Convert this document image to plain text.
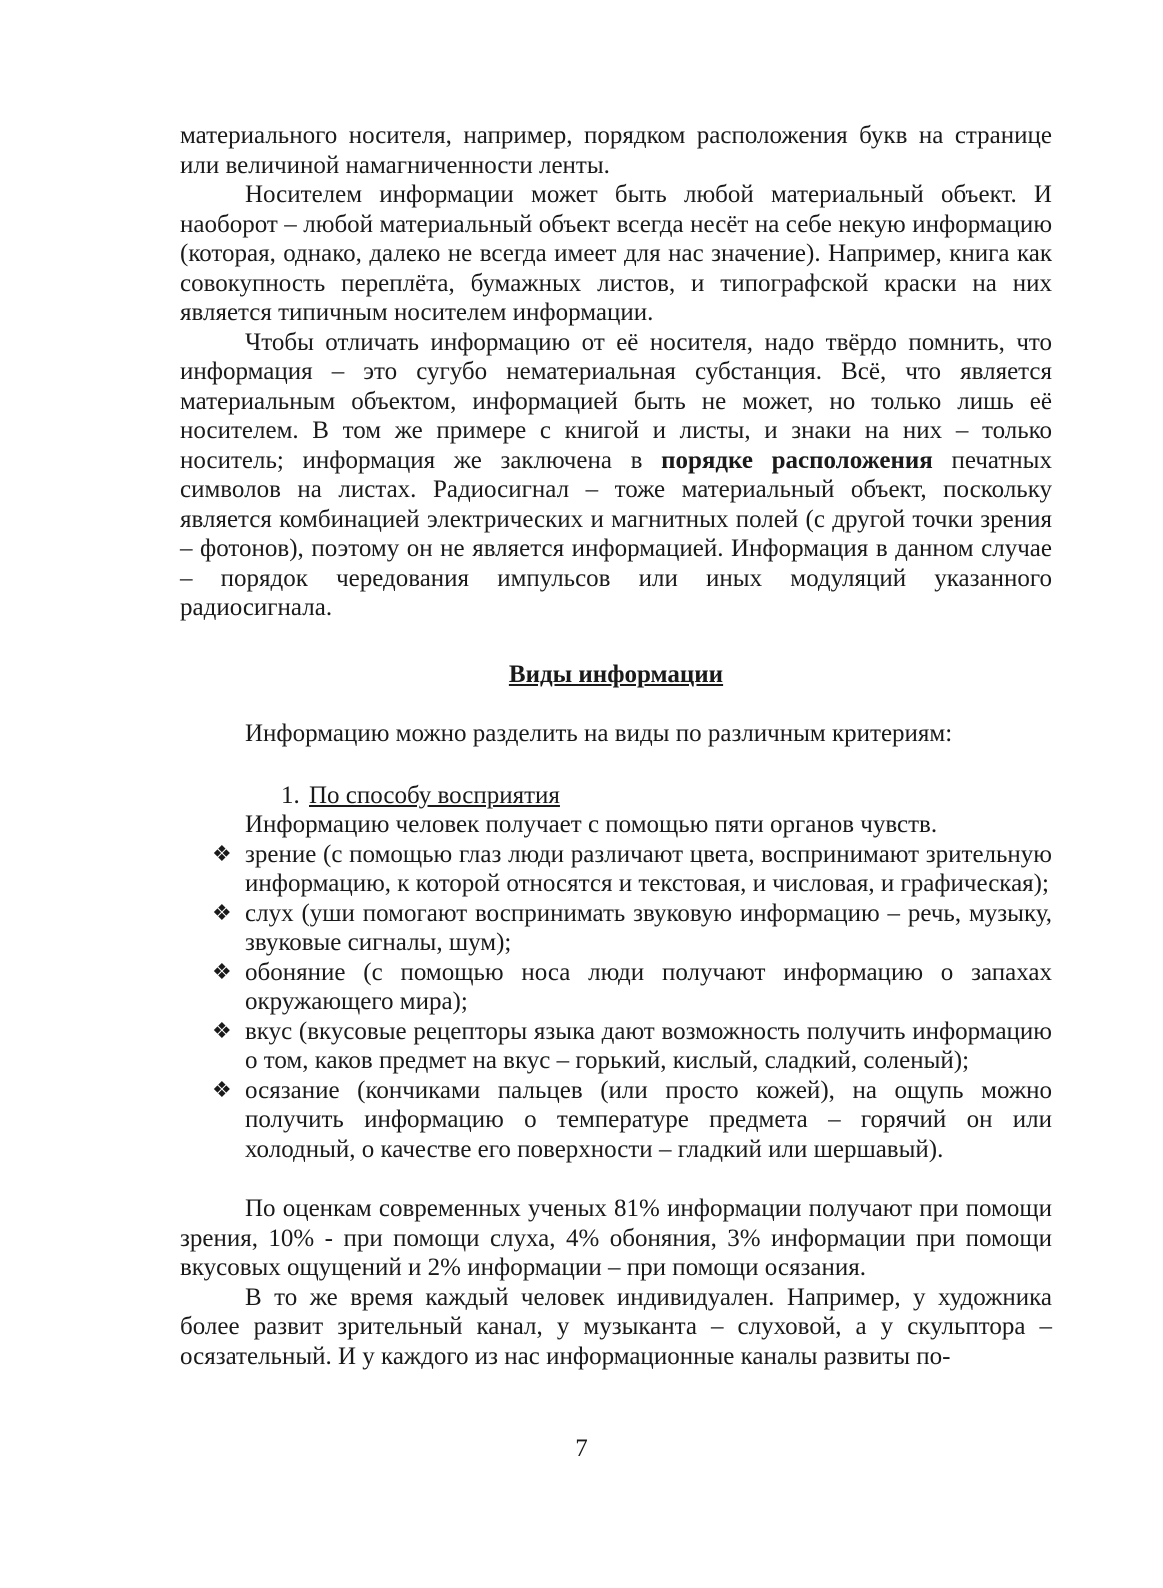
материального носителя, например, порядком расположения букв на странице или величиной намагниченности ленты.

Носителем информации может быть любой материальный объект. И наоборот – любой материальный объект всегда несёт на себе некую информацию (которая, однако, далеко не всегда имеет для нас значение). Например, книга как совокупность переплёта, бумажных листов, и типографской краски на них является типичным носителем информации.

Чтобы отличать информацию от её носителя, надо твёрдо помнить, что информация – это сугубо нематериальная субстанция. Всё, что является материальным объектом, информацией быть не может, но только лишь её носителем. В том же примере с книгой и листы, и знаки на них – только носитель; информация же заключена в порядке расположения печатных символов на листах. Радиосигнал – тоже материальный объект, поскольку является комбинацией электрических и магнитных полей (с другой точки зрения – фотонов), поэтому он не является информацией. Информация в данном случае – порядок чередования импульсов или иных модуляций указанного радиосигнала.

Виды информации

Информацию можно разделить на виды по различным критериям:

1. По способу восприятия

Информацию человек получает с помощью пяти органов чувств.

❖ зрение (с помощью глаз люди различают цвета, воспринимают зрительную информацию, к которой относятся и текстовая, и числовая, и графическая);
❖ слух (уши помогают воспринимать звуковую информацию – речь, музыку, звуковые сигналы, шум);
❖ обоняние (с помощью носа люди получают информацию о запахах окружающего мира);
❖ вкус (вкусовые рецепторы языка дают возможность получить информацию о том, каков предмет на вкус – горький, кислый, сладкий, соленый);
❖ осязание (кончиками пальцев (или просто кожей), на ощупь можно получить информацию о температуре предмета – горячий он или холодный, о качестве его поверхности – гладкий или шершавый).

По оценкам современных ученых 81% информации получают при помощи зрения, 10% - при помощи слуха, 4% обоняния, 3% информации при помощи вкусовых ощущений и 2% информации – при помощи осязания.

В то же время каждый человек индивидуален. Например, у художника более развит зрительный канал, у музыканта – слуховой, а у скульптора – осязательный. И у каждого из нас информационные каналы развиты по-

7
